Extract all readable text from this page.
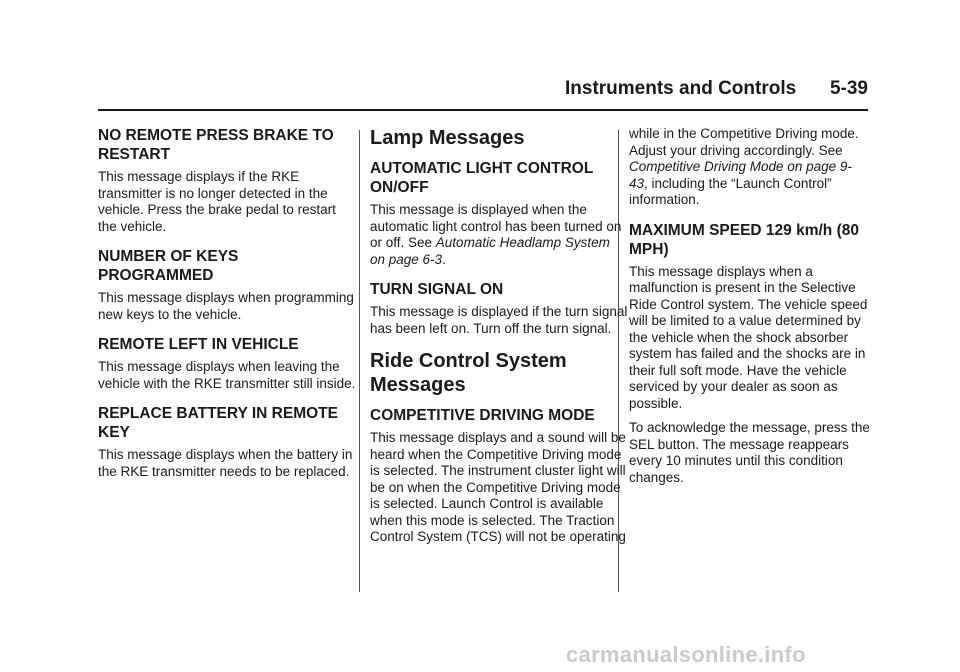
Instruments and Controls 5-39
NO REMOTE PRESS BRAKE TO RESTART
This message displays if the RKE transmitter is no longer detected in the vehicle. Press the brake pedal to restart the vehicle.
NUMBER OF KEYS PROGRAMMED
This message displays when programming new keys to the vehicle.
REMOTE LEFT IN VEHICLE
This message displays when leaving the vehicle with the RKE transmitter still inside.
REPLACE BATTERY IN REMOTE KEY
This message displays when the battery in the RKE transmitter needs to be replaced.
Lamp Messages
AUTOMATIC LIGHT CONTROL ON/OFF
This message is displayed when the automatic light control has been turned on or off. See Automatic Headlamp System on page 6-3.
TURN SIGNAL ON
This message is displayed if the turn signal has been left on. Turn off the turn signal.
Ride Control System Messages
COMPETITIVE DRIVING MODE
This message displays and a sound will be heard when the Competitive Driving mode is selected. The instrument cluster light will be on when the Competitive Driving mode is selected. Launch Control is available when this mode is selected. The Traction Control System (TCS) will not be operating
while in the Competitive Driving mode. Adjust your driving accordingly. See Competitive Driving Mode on page 9-43, including the “Launch Control” information.
MAXIMUM SPEED 129 km/h (80 MPH)
This message displays when a malfunction is present in the Selective Ride Control system. The vehicle speed will be limited to a value determined by the vehicle when the shock absorber system has failed and the shocks are in their full soft mode. Have the vehicle serviced by your dealer as soon as possible.
To acknowledge the message, press the SEL button. The message reappears every 10 minutes until this condition changes.
carmanualsonline.info
